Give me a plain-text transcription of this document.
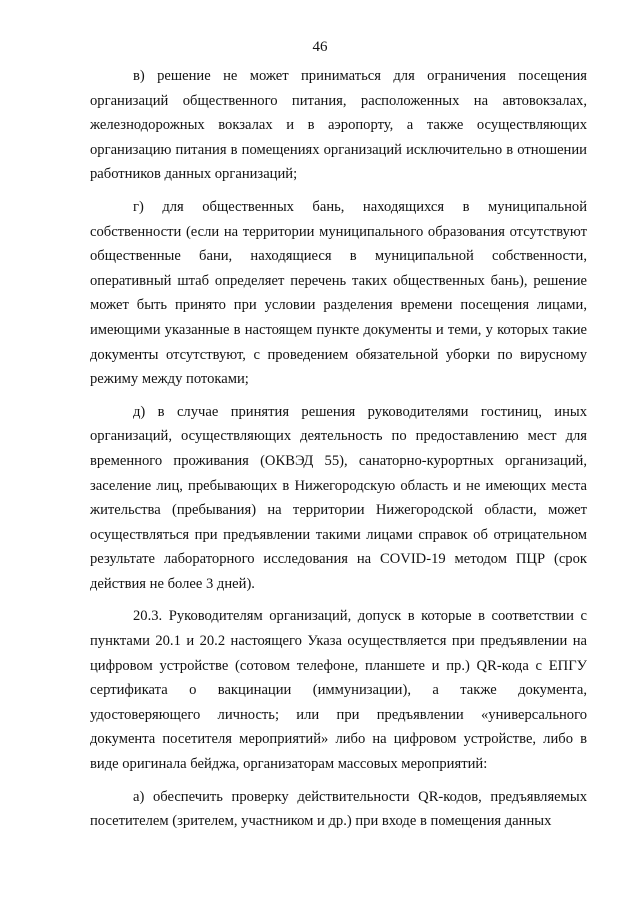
46

в) решение не может приниматься для ограничения посещения организаций общественного питания, расположенных на автовокзалах, железнодорожных вокзалах и в аэропорту, а также осуществляющих организацию питания в помещениях организаций исключительно в отношении работников данных организаций;

г) для общественных бань, находящихся в муниципальной собственности (если на территории муниципального образования отсутствуют общественные бани, находящиеся в муниципальной собственности, оперативный штаб определяет перечень таких общественных бань), решение может быть принято при условии разделения времени посещения лицами, имеющими указанные в настоящем пункте документы и теми, у которых такие документы отсутствуют, с проведением обязательной уборки по вирусному режиму между потоками;

д) в случае принятия решения руководителями гостиниц, иных организаций, осуществляющих деятельность по предоставлению мест для временного проживания (ОКВЭД 55), санаторно-курортных организаций, заселение лиц, пребывающих в Нижегородскую область и не имеющих места жительства (пребывания) на территории Нижегородской области, может осуществляться при предъявлении такими лицами справок об отрицательном результате лабораторного исследования на COVID-19 методом ПЦР (срок действия не более 3 дней).

20.3. Руководителям организаций, допуск в которые в соответствии с пунктами 20.1 и 20.2 настоящего Указа осуществляется при предъявлении на цифровом устройстве (сотовом телефоне, планшете и пр.) QR-кода с ЕПГУ сертификата о вакцинации (иммунизации), а также документа, удостоверяющего личность; или при предъявлении «универсального документа посетителя мероприятий» либо на цифровом устройстве, либо в виде оригинала бейджа, организаторам массовых мероприятий:

а) обеспечить проверку действительности QR-кодов, предъявляемых посетителем (зрителем, участником и др.) при входе в помещения данных
